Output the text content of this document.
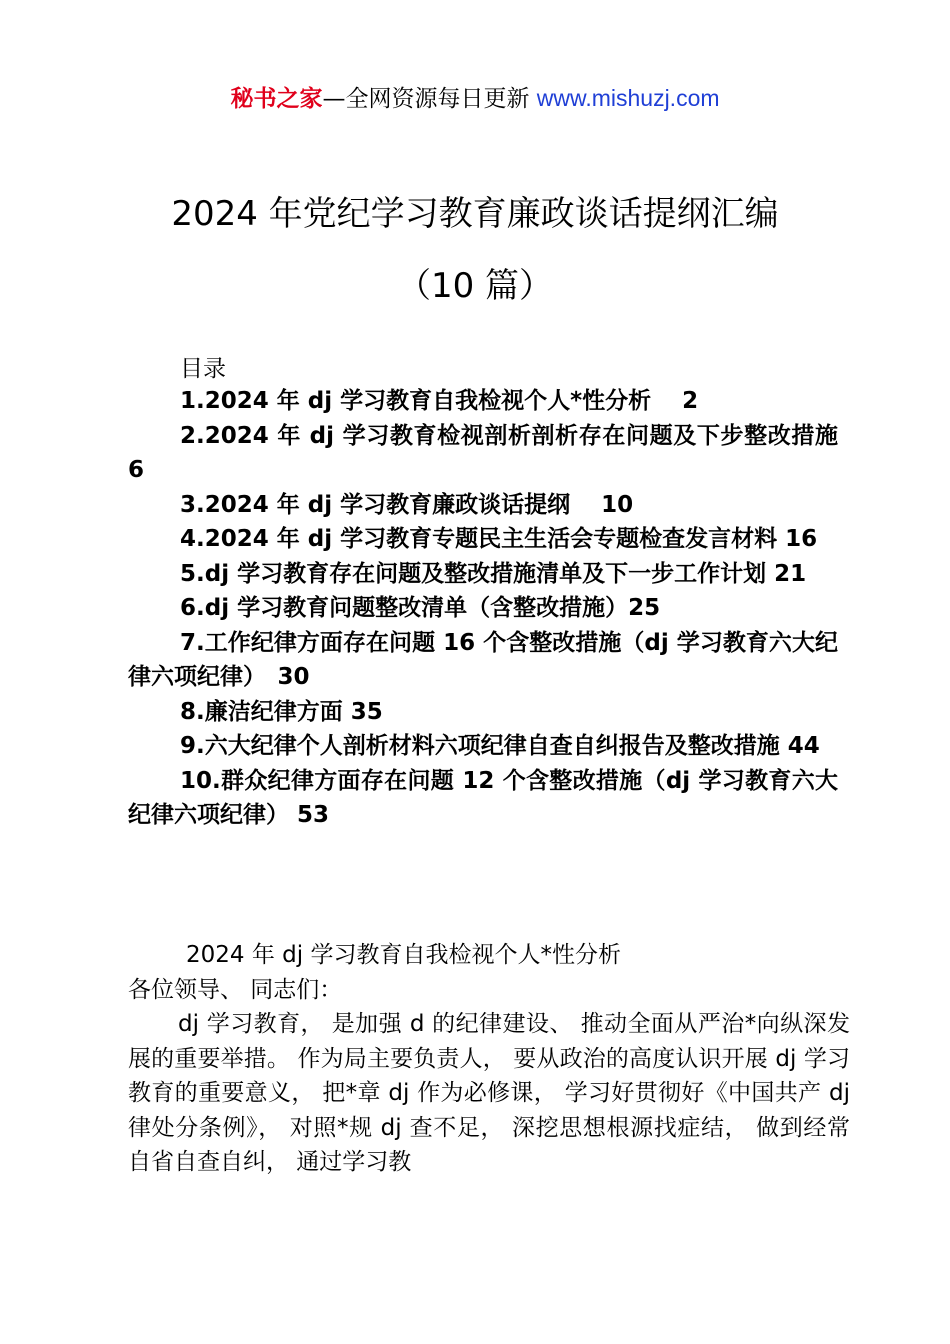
秘书之家—全网资源每日更新 www.mishuzj.com
2024 年党纪学习教育廉政谈话提纲汇编
（10 篇）
目录
1.2024 年 dj 学习教育自我检视个人*性分析　 2
2.2024 年 dj 学习教育检视剖析剖析存在问题及下步整改措施 6
3.2024 年 dj 学习教育廉政谈话提纲　 10
4.2024 年 dj 学习教育专题民主生活会专题检查发言材料 16
5.dj 学习教育存在问题及整改措施清单及下一步工作计划 21
6.dj 学习教育问题整改清单（含整改措施）25
7.工作纪律方面存在问题 16 个含整改措施（dj 学习教育六大纪律六项纪律）　30
8.廉洁纪律方面 35
9.六大纪律个人剖析材料六项纪律自查自纠报告及整改措施 44
10.群众纪律方面存在问题 12 个含整改措施（dj 学习教育六大纪律六项纪律） 53
2024 年 dj 学习教育自我检视个人*性分析
各位领导、 同志们：
dj 学习教育， 是加强 d 的纪律建设、 推动全面从严治*向纵深发展的重要举措。 作为局主要负责人， 要从政治的高度认识开展 dj 学习教育的重要意义， 把*章 dj 作为必修课， 学习好贯彻好《中国共产 dj 律处分条例》， 对照*规 dj 查不足， 深挖思想根源找症结， 做到经常自省自查自纠， 通过学习教
